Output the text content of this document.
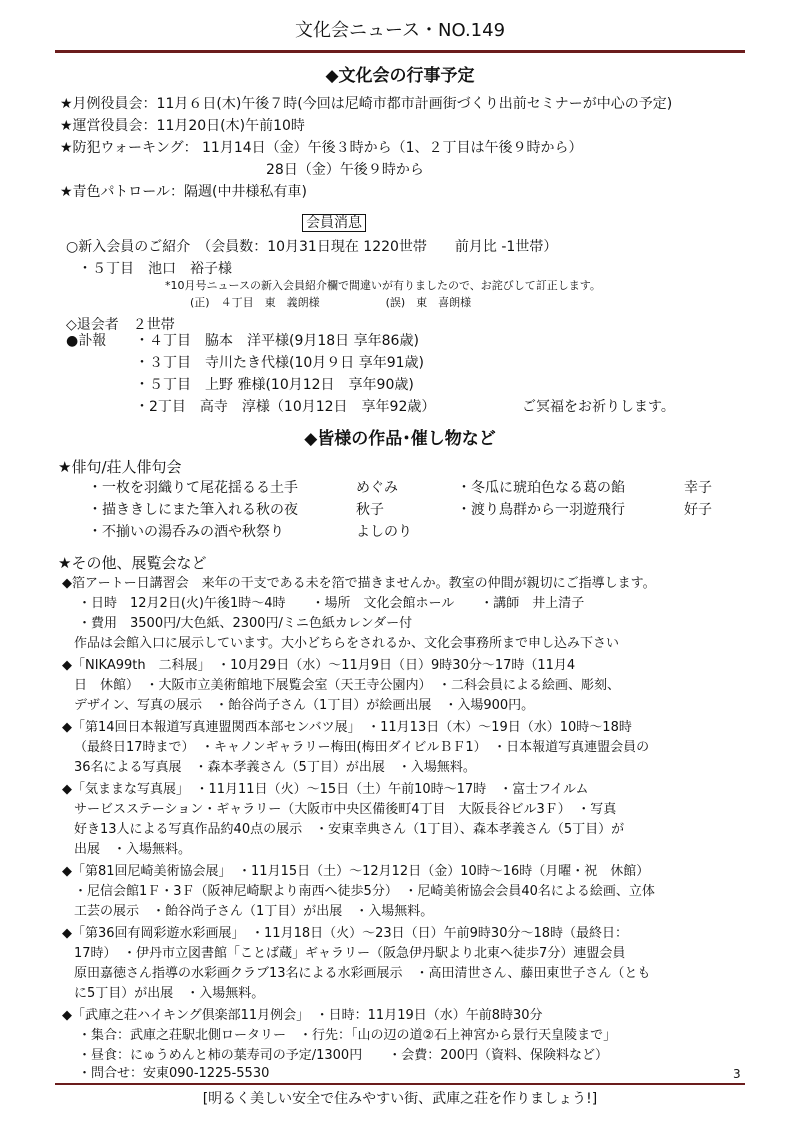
文化会ニュース・NO.149
◆文化会の行事予定
★月例役員会：11月６日(木)午後７時(今回は尼崎市都市計画街づくり出前セミナーが中心の予定)
★運営役員会：11月20日(木)午前10時
★防犯ウォーキング： 11月14日（金）午後３時から（1、２丁目は午後９時から）
28日（金）午後９時から
★青色パトロール：隔週(中井様私有車)
会員消息
○新入会員のご紹介　（会員数：10月31日現在 1220世帯　　前月比 -1世帯）
・５丁目　池口　裕子様
*10月号ニュースの新入会員紹介欄で間違いが有りましたので、お詫びして訂正します。
(正)　４丁目　東　義朗様　　　　　　(誤)　東　喜朗様
◇退会者　２世帯
●訃報 ・４丁目　脇本　洋平様(9月18日 享年86歳)
・３丁目　寺川たき代様(10月９日 享年91歳)
・５丁目　上野 雅様(10月12日　享年90歳)
・2丁目　高寺　淳様（10月12日　享年92歳）	ご冥福をお祈りします。
◆皆様の作品･催し物など
★俳句/荘人俳句会
・一枚を羽織りて尾花揺るる土手	めぐみ	・冬瓜に琥珀色なる葛の餡	幸子
・描ききしにまた筆入れる秋の夜	秋子	・渡り鳥群から一羽遊飛行	好子
・不揃いの湯呑みの酒や秋祭り	よしのり
★その他、展覧会など
◆箔アートー日講習会　来年の干支である未を箔で描きませんか。教室の仲間が親切にご指導します。
・日時　12月2日(火)午後1時～4時　　・場所　文化会館ホール　　・講師　井上清子
・費用　3500円/大色紙、2300円/ミニ色紙カレンダー付
作品は会館入口に展示しています。大小どちらをされるか、文化会事務所まで申し込み下さい
◆「NIKA99th　二科展」　・10月29日（水）～11月9日（日）9時30分～17時（11月4
日　休館）　・大阪市立美術館地下展覧会室（天王寺公園内）　・二科会員による絵画、彫刻、
デザイン、写真の展示　・飴谷尚子さん（1丁目）が絵画出展　・入場900円。
◆「第14回日本報道写真連盟関西本部センバツ展」　・11月13日（木）～19日（水）10時～18時
（最終日17時まで）　・キャノンギャラリー梅田(梅田ダイビルＢＦ1）　・日本報道写真連盟会員の
36名による写真展　・森本孝義さん（5丁目）が出展　・入場無料。
◆「気ままな写真展」　・11月11日（火）～15日（土）午前10時～17時　・富士フイルム
サービスステーション・ギャラリー（大阪市中央区備後町4丁目　大阪長谷ビル3Ｆ）　・写真
好き13人による写真作品約40点の展示　・安東幸典さん（1丁目）、森本孝義さん（5丁目）が
出展　・入場無料。
◆「第81回尼崎美術協会展」　・11月15日（土）～12月12日（金）10時～16時（月曜・祝　休館）
・尼信会館1Ｆ・3Ｆ（阪神尼崎駅より南西へ徒歩5分）　・尼崎美術協会会員40名による絵画、立体
工芸の展示　・飴谷尚子さん（1丁目）が出展　・入場無料。
◆「第36回有岡彩遊水彩画展」　・11月18日（火）～23日（日）午前9時30分～18時（最終日：
17時）　・伊丹市立図書館「ことば蔵」ギャラリー（阪急伊丹駅より北東へ徒歩7分）連盟会員
原田嘉徳さん指導の水彩画クラブ13名による水彩画展示　・高田清世さん、藤田東世子さん（とも
に5丁目）が出展　・入場無料。
◆「武庫之荘ハイキング倶楽部11月例会」　・日時：11月19日（水）午前8時30分
・集合：武庫之荘駅北側ロータリー　・行先：「山の辺の道②石上神宮から景行天皇陵まで」
・昼食：にゅうめんと柿の葉寿司の予定/1300円　　・会費：200円（資料、保険料など）
・問合せ：安東090-1225-5530	3
[明るく美しい安全で住みやすい街、武庫之荘を作りましょう!]
